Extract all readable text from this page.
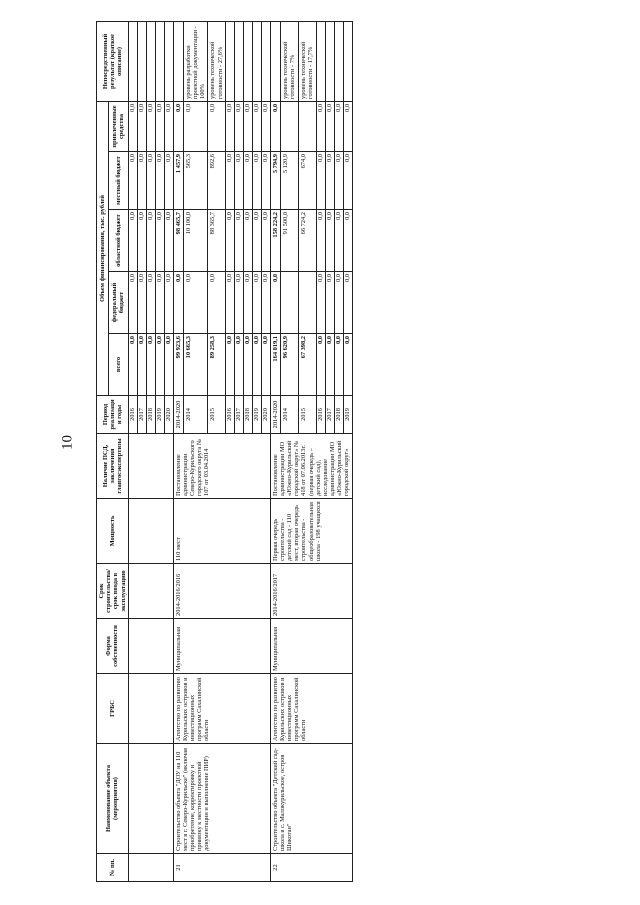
10
№ пп.	Наименование объекта (мероприятия)	ГРБС	Форма собственности	Срок строительства/срок ввода в эксплуатацию	Мощность	Наличие ПСД, заключения главгосэкспертизы	Период реализации годы	Объем финансирования, тыс. рублей					Непосредственный результат (краткое описание)
								всего	федеральный бюджет	областной бюджет	местный бюджет	привлеченные средства	
							2016	0,0	0,0	0,0	0,0	0,0	
							2017	0,0	0,0	0,0	0,0	0,0	
							2018	0,0	0,0	0,0	0,0	0,0	
							2019	0,0	0,0	0,0	0,0	0,0	
							2020	0,0	0,0	0,0	0,0	0,0	
21	Строительство объекта "ДОУ на 110 мест в г. Северо-Курильске" (включая приобретение, корректировку и привязку к местности проектной документации и выполнение ПИР)	Агентство по развитию Курильских островов и инвестиционных программ Сахалинской области	Муниципальная	2014-2016/2016	110 мест	Постановление администрации Северо-Курильского городского округа № 107 от 03.04.2014	2014-2020	99 923,6	0,0	98 465,7	1 457,9	0,0	
							2014	10 665,3	0,0	10 100,0	565,3	0,0	уровень разработки проектной документации - 100%
							2015	89 258,3	0,0	88 365,7	892,6	0,0	уровень технической готовности - 27,6%
							2016	0,0	0,0	0,0	0,0	0,0	
							2017	0,0	0,0	0,0	0,0	0,0	
							2018	0,0	0,0	0,0	0,0	0,0	
							2019	0,0	0,0	0,0	0,0	0,0	
							2020	0,0	0,0	0,0	0,0	0,0	
22	Строительство объекта "Детский сад-школа в с. Малокурильское, остров Шикотан"	Агентство по развитию Курильских островов и инвестиционных программ Сахалинской области	Муниципальная	2014-2016/2017	Первая очередь строительства - детский сад - 110 мест, вторая очередь строительства - общеобразовательная школа - 198 учащихся	Постановление администрации МО «Южно-Курильский городской округ» № 418 от 07.06.2013г. (первая очередь – детский сад), исследование администрации МО «Южно-Курильский городской округ»	2014-2020	164 019,1	0,0	158 224,2	5 794,9	0,0	
							2014	96 620,9		91 500,0	5 120,9		уровень технической готовности - 7%
							2015	67 398,2		66 724,2	674,0		уровень технической готовности - 17,7%
							2016	0,0	0,0	0,0	0,0	0,0	
							2017	0,0	0,0	0,0	0,0	0,0	
							2018	0,0	0,0	0,0	0,0	0,0	
							2019	0,0	0,0	0,0	0,0	0,0	
